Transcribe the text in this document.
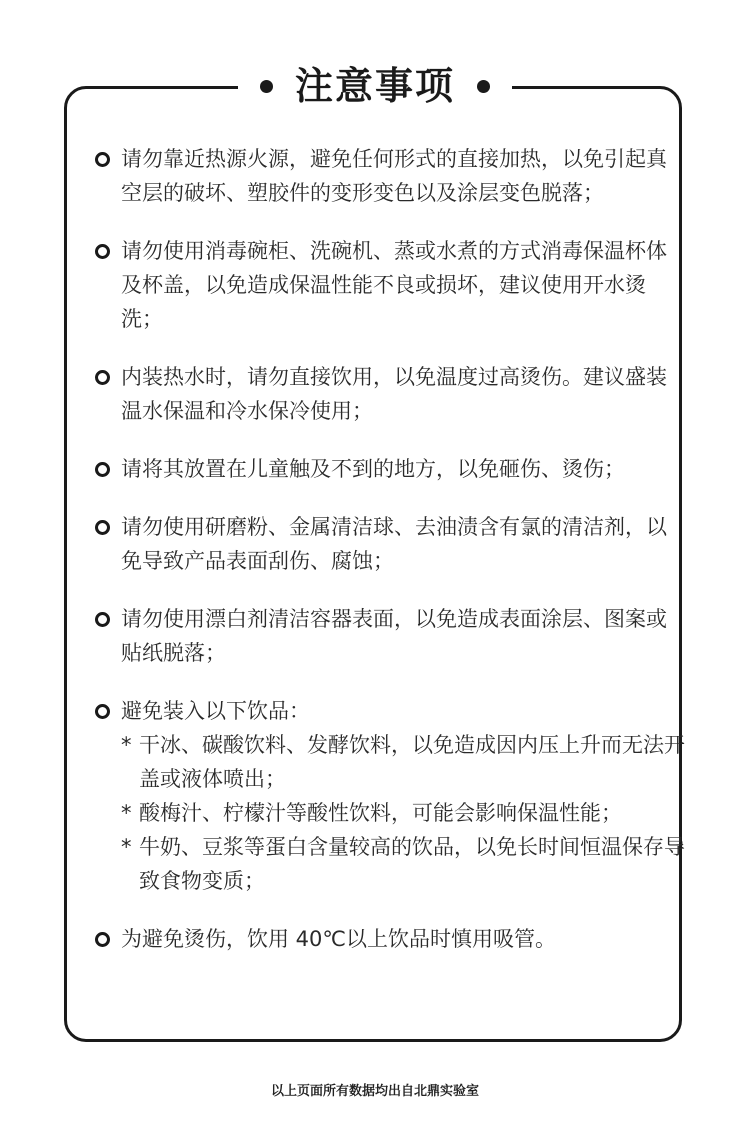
注意事项
请勿靠近热源火源，避免任何形式的直接加热，以免引起真空层的破坏、塑胶件的变形变色以及涂层变色脱落；
请勿使用消毒碗柜、洗碗机、蒸或水煮的方式消毒保温杯体及杯盖，以免造成保温性能不良或损坏，建议使用开水烫洗；
内装热水时，请勿直接饮用，以免温度过高烫伤。建议盛装温水保温和冷水保冷使用；
请将其放置在儿童触及不到的地方，以免砸伤、烫伤；
请勿使用研磨粉、金属清洁球、去油渍含有氯的清洁剂，以免导致产品表面刮伤、腐蚀；
请勿使用漂白剂清洁容器表面，以免造成表面涂层、图案或贴纸脱落；
避免装入以下饮品：
* 干冰、碳酸饮料、发酵饮料，以免造成因内压上升而无法开盖或液体喷出；
* 酸梅汁、柠檬汁等酸性饮料，可能会影响保温性能；
* 牛奶、豆浆等蛋白含量较高的饮品，以免长时间恒温保存导致食物变质；
为避免烫伤，饮用 40℃以上饮品时慎用吸管。
以上页面所有数据均出自北鼎实验室
